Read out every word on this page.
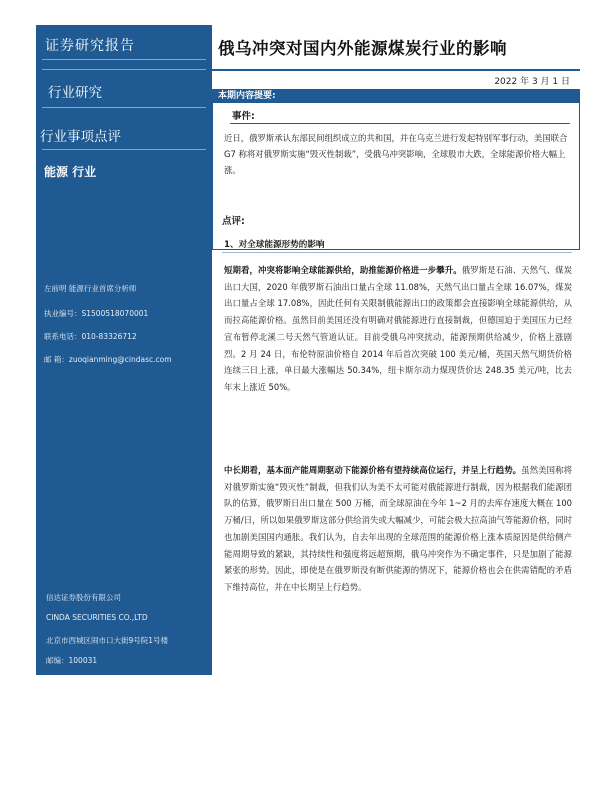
证券研究报告
行业研究
行业事项点评
能源 行业
左前明 能源行业首席分析师
执业编号：S1500518070001
联系电话：010-83326712
邮 箱：zuoqianming@cindasc.com
信达证券股份有限公司
CINDA SECURITIES CO.,LTD
北京市西城区闹市口大街9号院1号楼
邮编：100031
俄乌冲突对国内外能源煤炭行业的影响
2022 年 3 月 1 日
本期内容提要:
事件:
近日，俄罗斯承认东部民间组织成立的共和国，并在乌克兰进行发起特别军事行动，美国联合 G7 称将对俄罗斯实施“毁灭性制裁”，受俄乌冲突影响，全球股市大跌，全球能源价格大幅上涨。
点评:
1、对全球能源形势的影响
短期看，冲突将影响全球能源供给，助推能源价格进一步攀升。俄罗斯是石油、天然气、煤炭出口大国，2020 年俄罗斯石油出口量占全球 11.08%，天然气出口量占全球 16.07%，煤炭出口量占全球 17.08%，因此任何有关限制俄能源出口的政策都会直接影响全球能源供给，从而拉高能源价格。虽然目前美国还没有明确对俄能源进行直接制裁，但德国迫于美国压力已经宣布暂停北溪二号天然气管道认证。目前受俄乌冲突扰动，能源预期供给减少，价格上涨剧烈。2 月 24 日，布伦特原油价格自 2014 年后首次突破 100 美元/桶，英国天然气期货价格连续三日上涨，单日最大涨幅达 50.34%，纽卡斯尔动力煤现货价达 248.35 美元/吨，比去年末上涨近 50%。
中长期看，基本面产能周期驱动下能源价格有望持续高位运行，并呈上行趋势。虽然美国称将对俄罗斯实施“毁灭性”制裁，但我们认为美不太可能对俄能源进行制裁，因为根据我们能源团队的估算，俄罗斯日出口量在 500 万桶，而全球原油在今年 1~2 月的去库存速度大概在 100 万桶/日，所以如果俄罗斯这部分供给消失或大幅减少，可能会极大拉高油气等能源价格，同时也加剧美国国内通胀。我们认为，自去年出现的全球范围的能源价格上涨本质原因是供给侧产能周期导致的紧缺，其持续性和强度将远超预期，俄乌冲突作为不确定事件，只是加剧了能源紧张的形势。因此，即使是在俄罗斯没有断供能源的情况下，能源价格也会在供需错配的矛盾下维持高位，并在中长期呈上行趋势。
